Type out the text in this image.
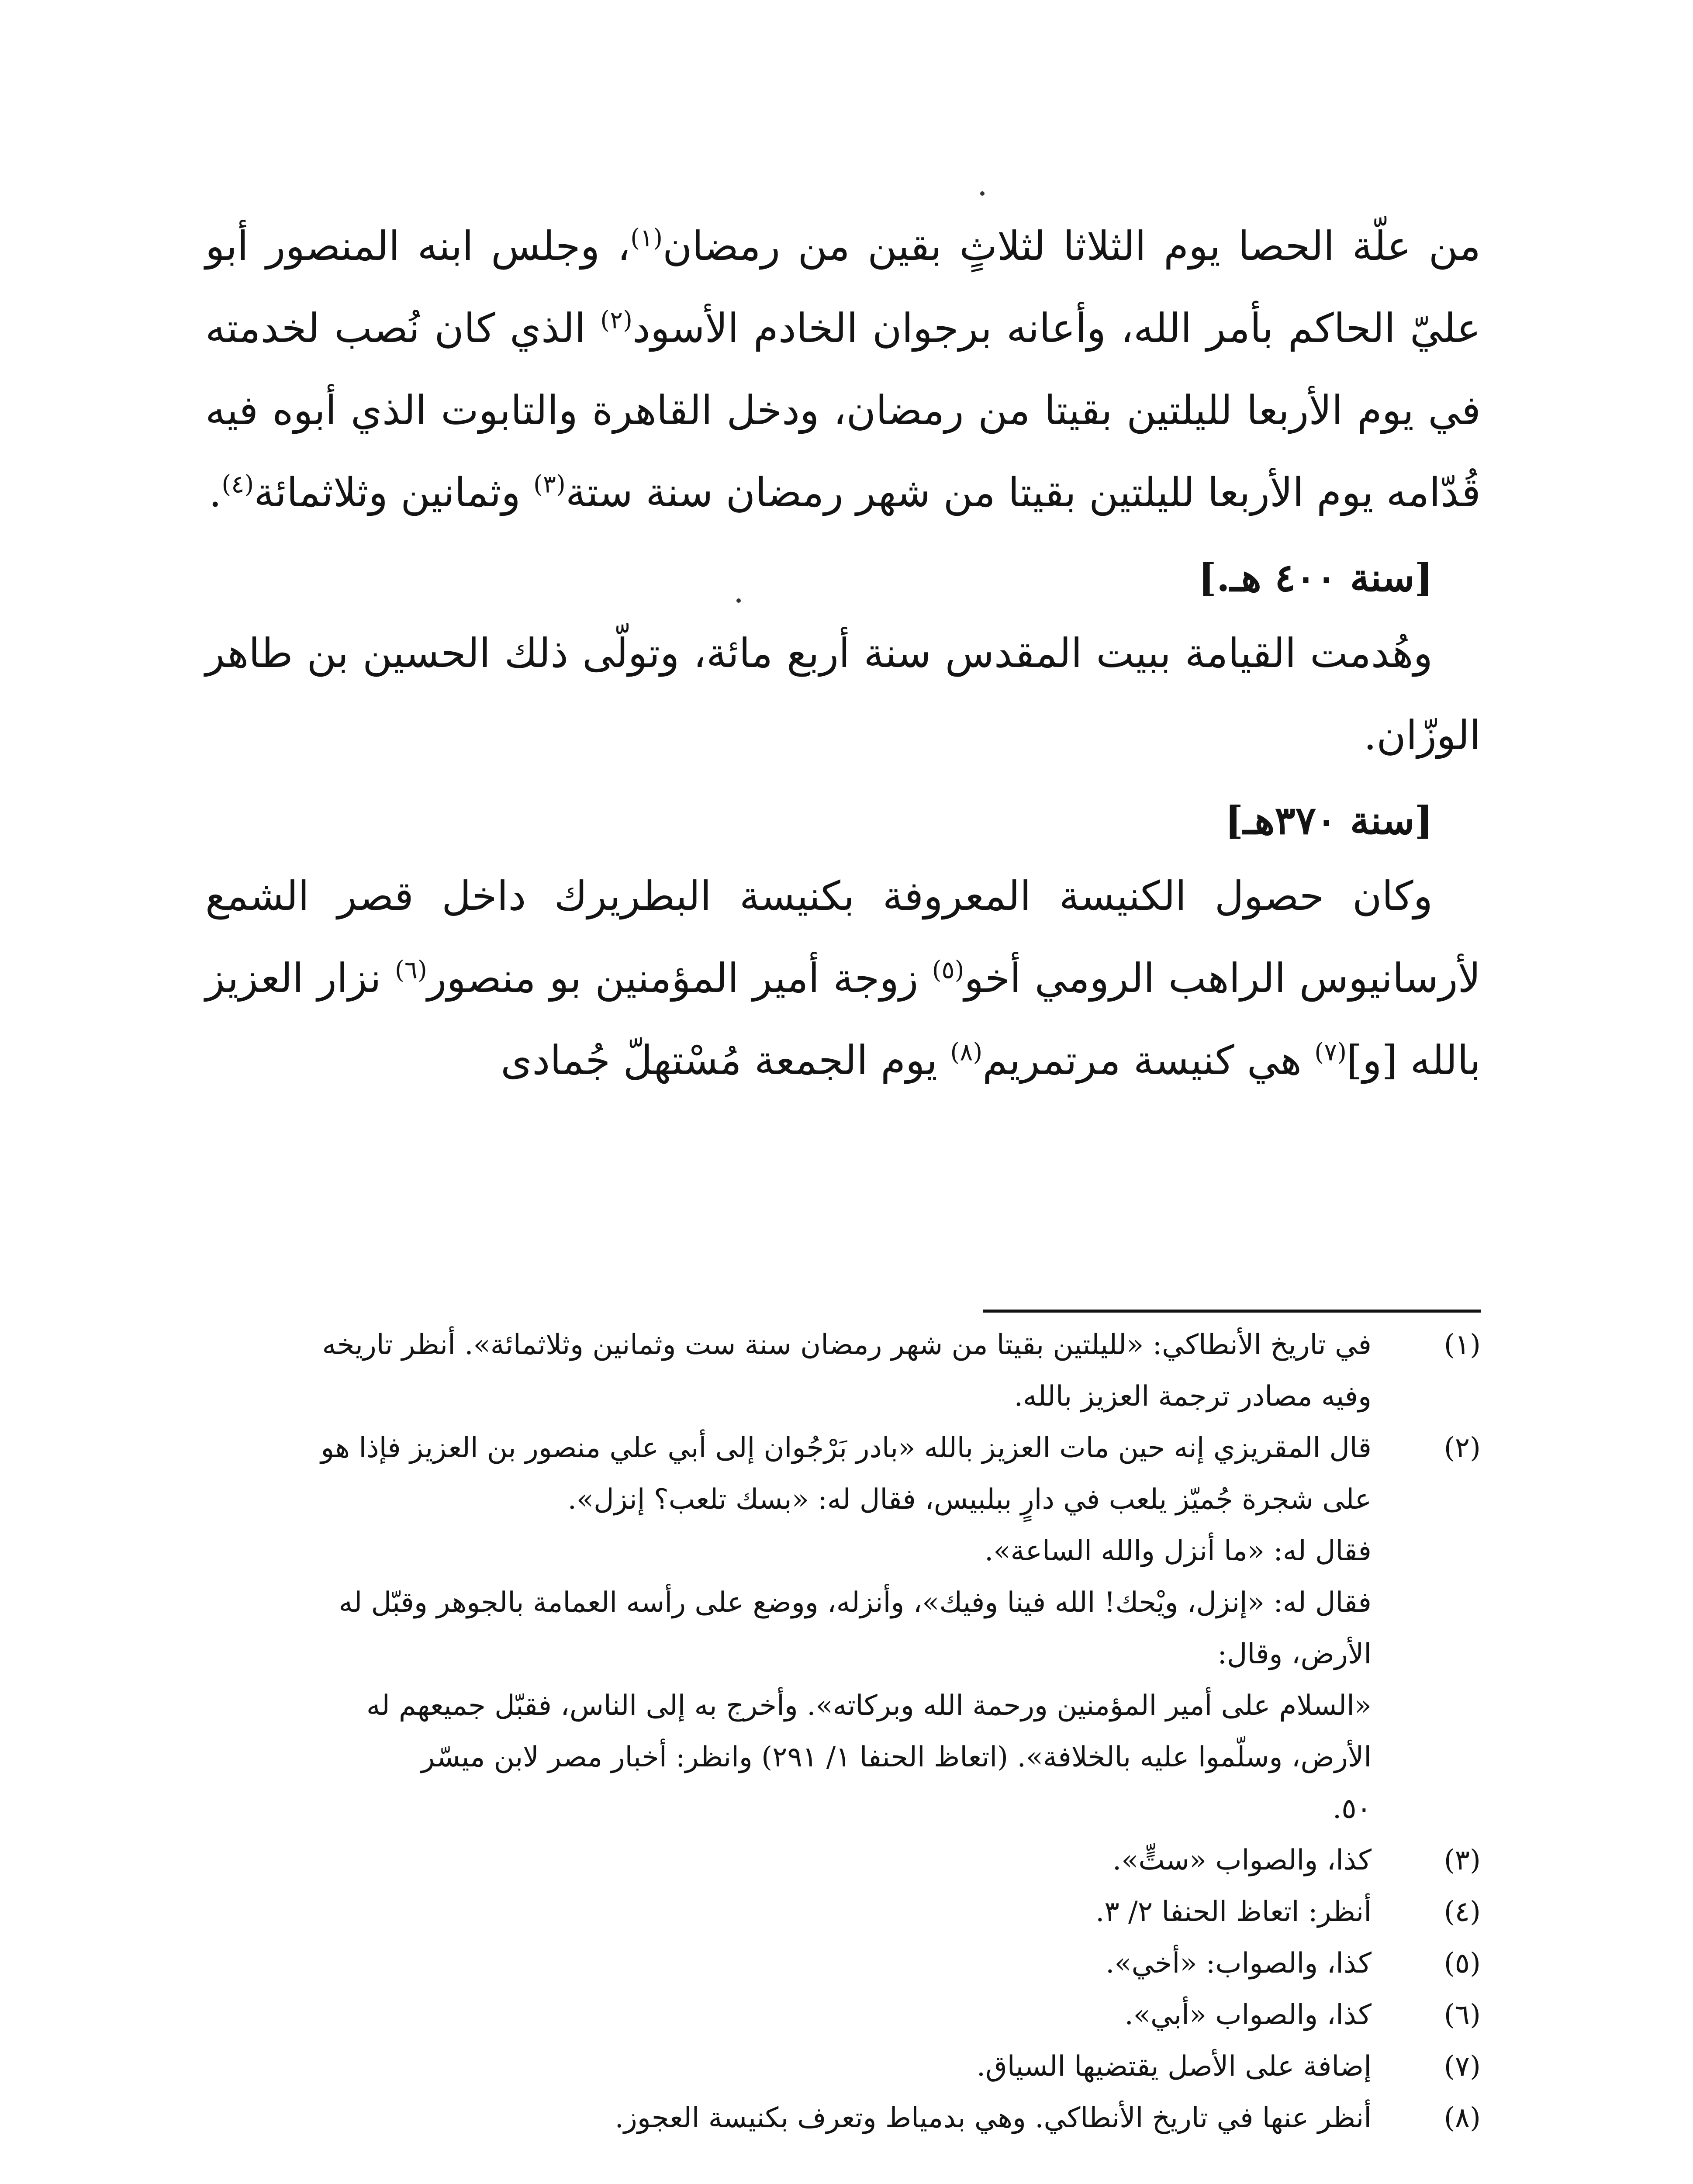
من علّة الحصا يوم الثلاثا لثلاثٍ بقين من رمضان$^{(١)}$، وجلس ابنه المنصور أبو عليّ الحاكم بأمر الله، وأعانه برجوان الخادم الأسود$^{(٢)}$ الذي كان نُصب لخدمته في يوم الأربعا لليلتين بقيتا من رمضان، ودخل القاهرة والتابوت الذي أبوه فيه قُدّامه يوم الأربعا لليلتين بقيتا من شهر رمضان سنة ستة$^{(٣)}$ وثمانين وثلاثمائة$^{(٤)}$.

[سنة ٤٠٠ هـ.]

وهُدمت القيامة ببيت المقدس سنة أربع مائة، وتولّى ذلك الحسين بن طاهر الوزّان.

[سنة ٣٧٠هـ]

وكان حصول الكنيسة المعروفة بكنيسة البطريرك داخل قصر الشمع لأرسانيوس الراهب الرومي أخو$^{(٥)}$ زوجة أمير المؤمنين بو منصور$^{(٦)}$ نزار العزيز بالله [و]$^{(٧)}$ هي كنيسة مرتمريم$^{(٨)}$ يوم الجمعة مُسْتهلّ جُمادى

(١)
في تاريخ الأنطاكي: «لليلتين بقيتا من شهر رمضان سنة ست وثمانين وثلاثمائة». أنظر تاريخه
وفيه مصادر ترجمة العزيز بالله.
(٢)
قال المقريزي إنه حين مات العزيز بالله «بادر بَرْجُوان إلى أبي علي منصور بن العزيز فإذا هو
على شجرة جُميّز يلعب في دارٍ ببلبيس، فقال له: «بسك تلعب؟ إنزل».
فقال له: «ما أنزل والله الساعة».
فقال له: «إنزل، ويْحك! الله فينا وفيك»، وأنزله، ووضع على رأسه العمامة بالجوهر وقبّل له
الأرض، وقال:
«السلام على أمير المؤمنين ورحمة الله وبركاته». وأخرج به إلى الناس، فقبّل جميعهم له
الأرض، وسلّموا عليه بالخلافة». (اتعاظ الحنفا ١/ ٢٩١) وانظر: أخبار مصر لابن ميسّر
٥٠.
(٣)
كذا، والصواب «ستٍّ».
(٤)
أنظر: اتعاظ الحنفا ٢/ ٣.
(٥)
كذا، والصواب: «أخي».
(٦)
كذا، والصواب «أبي».
(٧)
إضافة على الأصل يقتضيها السياق.
(٨)
أنظر عنها في تاريخ الأنطاكي. وهي بدمياط وتعرف بكنيسة العجوز.
